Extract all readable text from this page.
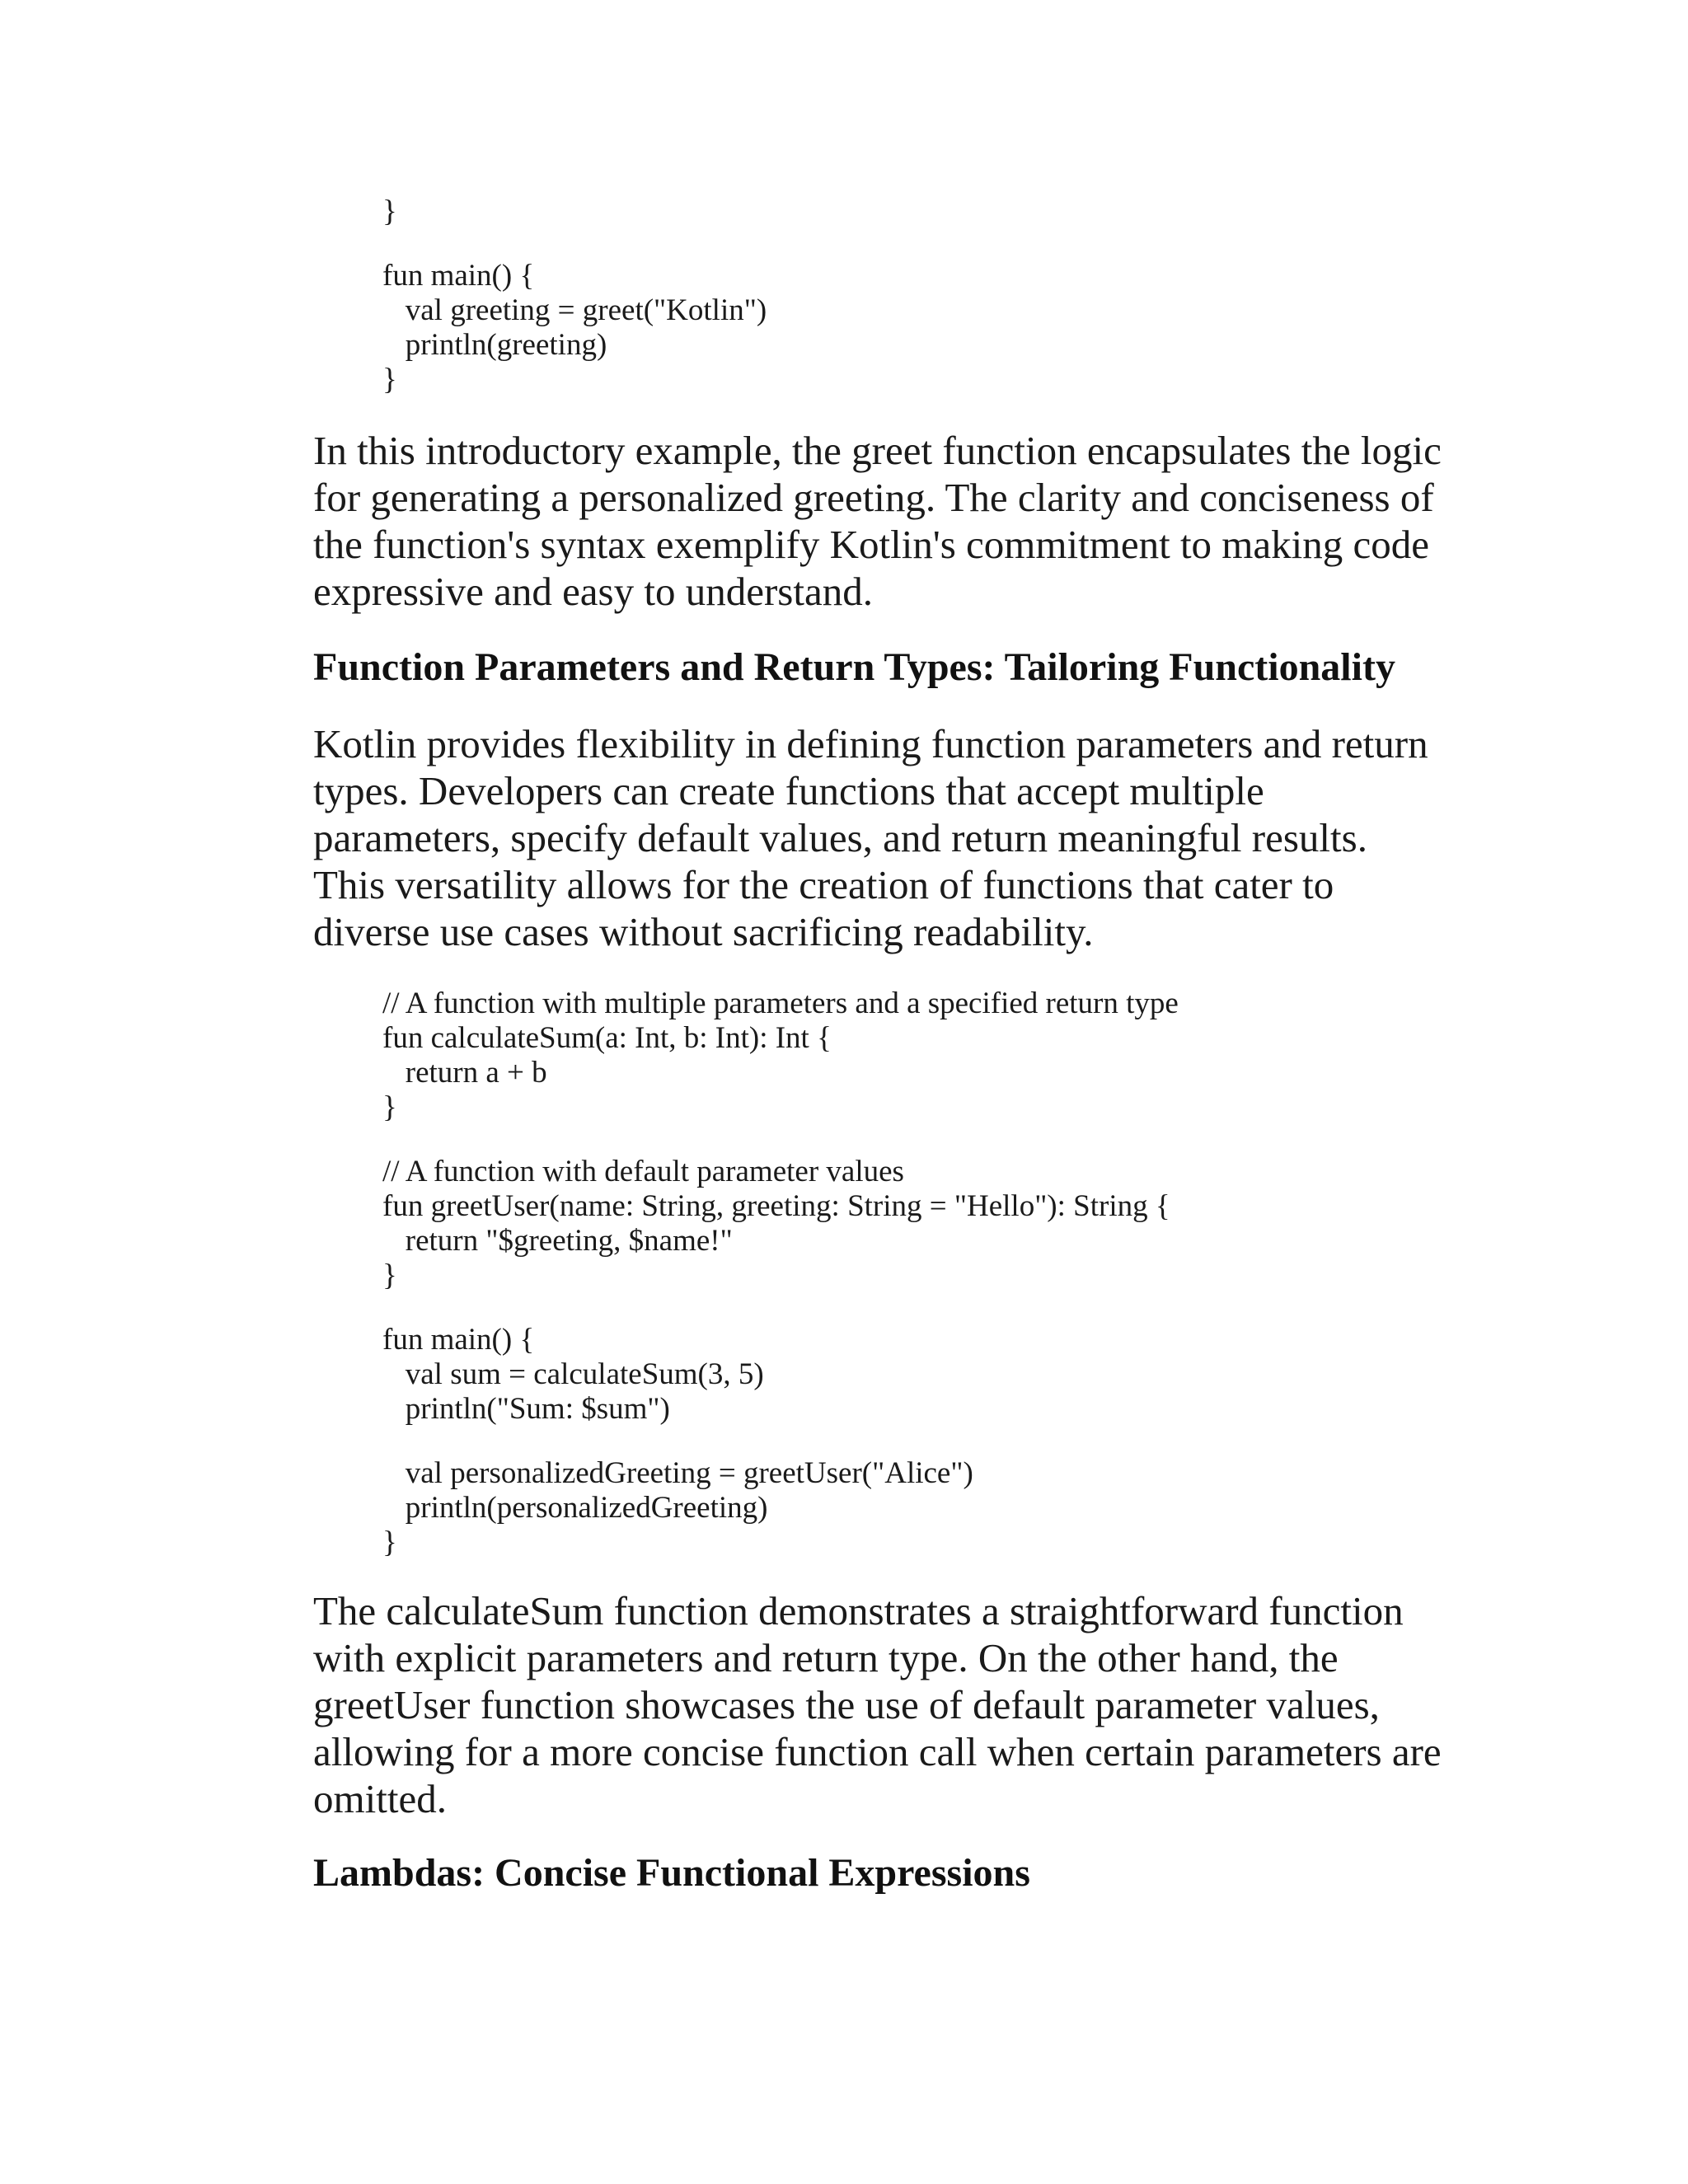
}
fun main() {
val greeting = greet("Kotlin")
println(greeting)
}

In this introductory example, the greet function encapsulates the logic
for generating a personalized greeting. The clarity and conciseness of
the function's syntax exemplify Kotlin's commitment to making code
expressive and easy to understand.

Function Parameters and Return Types: Tailoring Functionality

Kotlin provides flexibility in defining function parameters and return
types. Developers can create functions that accept multiple
parameters, specify default values, and return meaningful results.
This versatility allows for the creation of functions that cater to
diverse use cases without sacrificing readability.

// A function with multiple parameters and a specified return type
fun calculateSum(a: Int, b: Int): Int {
return a + b
}
// A function with default parameter values
fun greetUser(name: String, greeting: String = "Hello"): String {
return "$greeting, $name!"
}
fun main() {
val sum = calculateSum(3, 5)
println("Sum: $sum")
val personalizedGreeting = greetUser("Alice")
println(personalizedGreeting)
}

The calculateSum function demonstrates a straightforward function
with explicit parameters and return type. On the other hand, the
greetUser function showcases the use of default parameter values,
allowing for a more concise function call when certain parameters are
omitted.

Lambdas: Concise Functional Expressions
